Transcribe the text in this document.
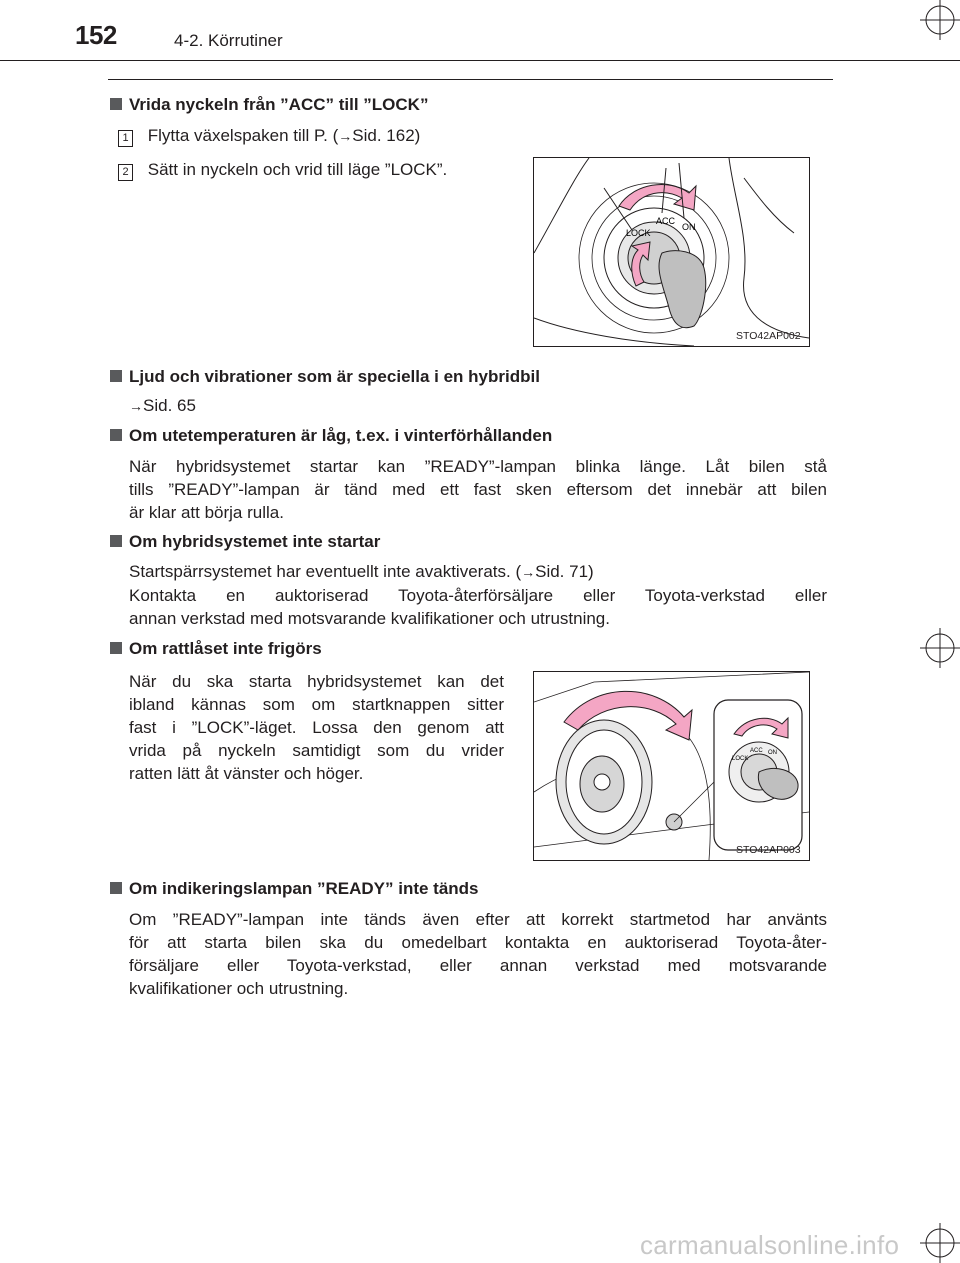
152	4-2. Körrutiner
Vrida nyckeln från ”ACC” till ”LOCK”
1 Flytta växelspaken till P. (→Sid. 162)
2 Sätt in nyckeln och vrid till läge ”LOCK”.
LOCK
ACC
ON
STO42AP002
Ljud och vibrationer som är speciella i en hybridbil
→Sid. 65
Om utetemperaturen är låg, t.ex. i vinterförhållanden
När hybridsystemet startar kan ”READY”-lampan blinka länge. Låt bilen stå
tills ”READY”-lampan är tänd med ett fast sken eftersom det innebär att bilen
är klar att börja rulla.
Om hybridsystemet inte startar
Startspärrsystemet har eventuellt inte avaktiverats. (→Sid. 71)
Kontakta en auktoriserad Toyota-återförsäljare eller Toyota-verkstad eller
annan verkstad med motsvarande kvalifikationer och utrustning.
Om rattlåset inte frigörs
När du ska starta hybridsystemet kan det
ibland kännas som om startknappen sitter
fast i ”LOCK”-läget. Lossa den genom att
vrida på nyckeln samtidigt som du vrider
ratten lätt åt vänster och höger.
LOCK
ACC ON
STO42AP003
Om indikeringslampan ”READY” inte tänds
Om ”READY”-lampan inte tänds även efter att korrekt startmetod har använts
för att starta bilen ska du omedelbart kontakta en auktoriserad Toyota-åter-
försäljare eller Toyota-verkstad, eller annan verkstad med motsvarande
kvalifikationer och utrustning.
carmanualsonline.info
